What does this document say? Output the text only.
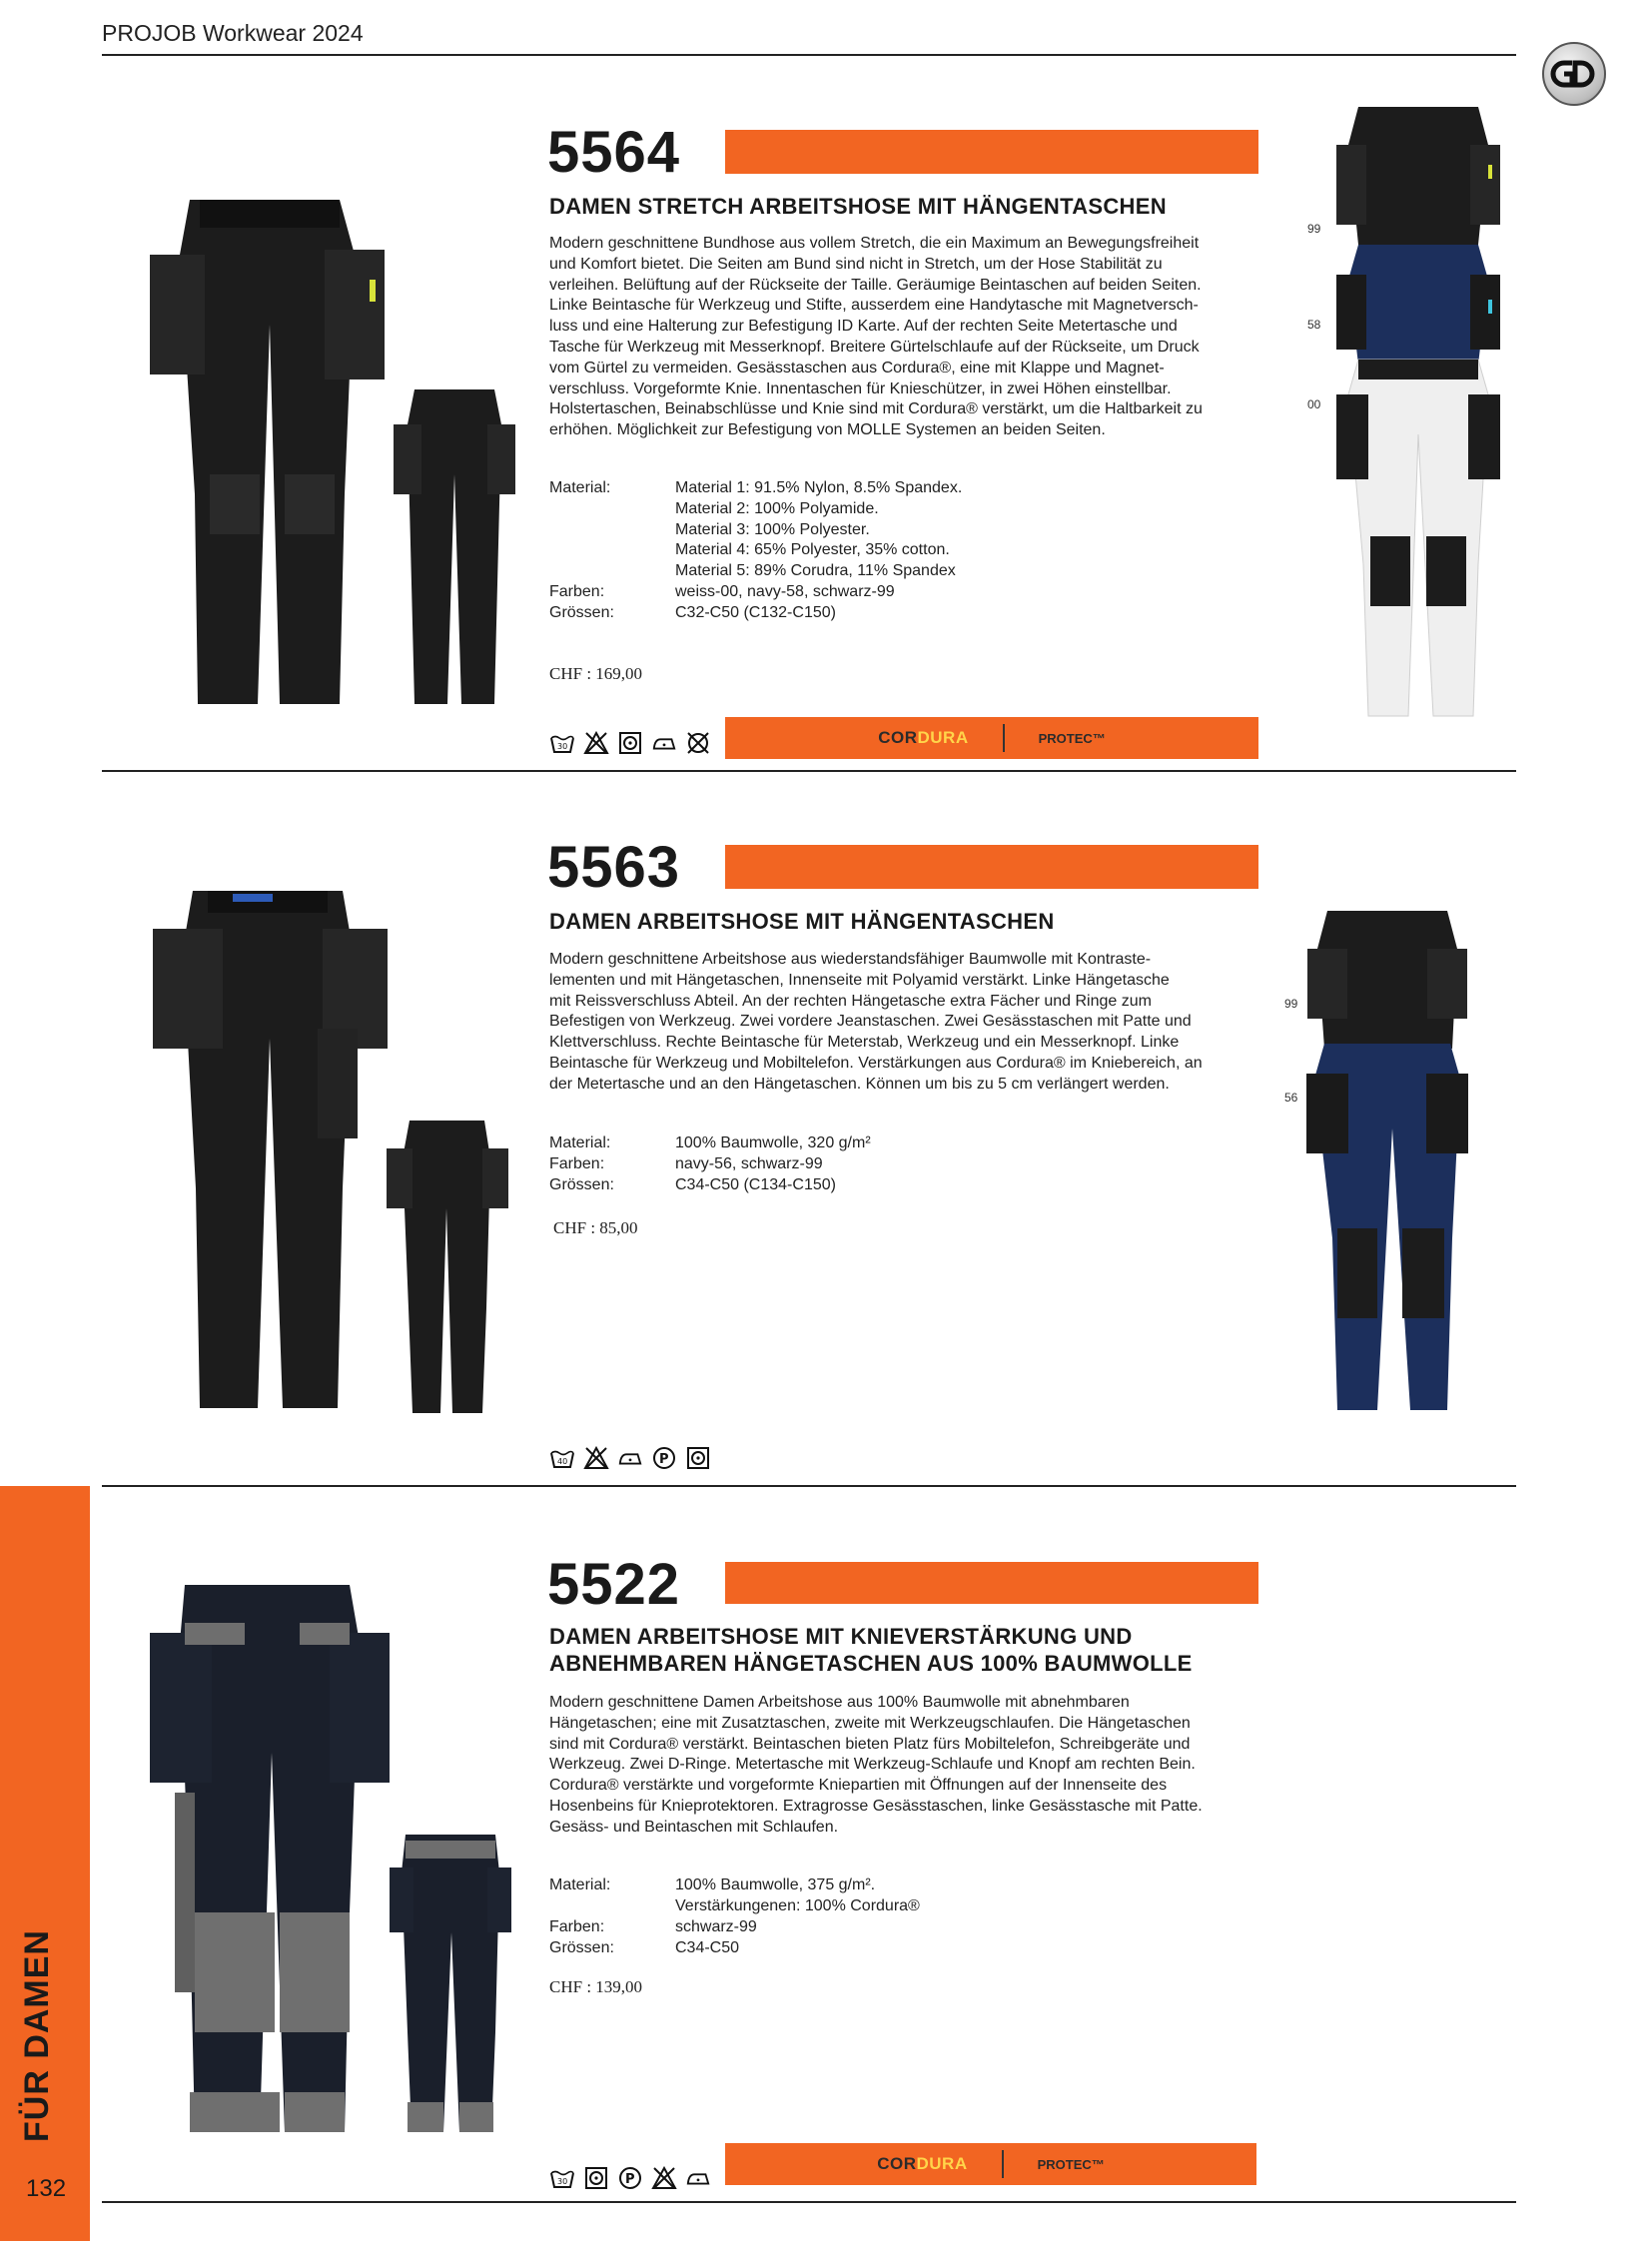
PROJOB Workwear 2024
FÜR DAMEN
132
5564
DAMEN STRETCH ARBEITSHOSE MIT HÄNGENTASCHEN
Modern geschnittene Bundhose aus vollem Stretch, die ein Maximum an Bewegungsfreiheit
und Komfort bietet. Die Seiten am Bund sind nicht in Stretch, um der Hose Stabilität zu
verleihen. Belüftung auf der Rückseite der Taille. Geräumige Beintaschen auf beiden Seiten.
Linke Beintasche für Werkzeug und Stifte, ausserdem eine Handytasche mit Magnetversch-
luss und eine Halterung zur Befestigung ID Karte. Auf der rechten Seite Metertasche und
Tasche für Werkzeug mit Messerknopf. Breitere Gürtelschlaufe auf der Rückseite, um Druck
vom Gürtel zu vermeiden. Gesässtaschen aus Cordura®, eine mit Klappe und Magnet-
verschluss. Vorgeformte Knie. Innentaschen für Knieschützer, in zwei Höhen einstellbar.
Holstertaschen, Beinabschlüsse und Knie sind mit Cordura® verstärkt, um die Haltbarkeit zu
erhöhen. Möglichkeit zur Befestigung von MOLLE Systemen an beiden Seiten.
Material:	Material 1: 91.5% Nylon, 8.5% Spandex.
Material 2: 100% Polyamide.
Material 3: 100% Polyester.
Material 4: 65% Polyester, 35% cotton.
Material 5: 89% Corudra, 11% Spandex
Farben:	weiss-00, navy-58, schwarz-99
Grössen:	C32-C50 (C132-C150)
CHF : 169,00
30	CORDURA	PROTEC™
99
58
00
5563
DAMEN ARBEITSHOSE MIT HÄNGENTASCHEN
Modern geschnittene Arbeitshose aus wiederstandsfähiger Baumwolle mit Kontraste-
lementen und mit Hängetaschen, Innenseite mit Polyamid verstärkt. Linke Hängetasche
mit Reissverschluss Abteil. An der rechten Hängetasche extra Fächer und Ringe zum
Befestigen von Werkzeug. Zwei vordere Jeanstaschen. Zwei Gesässtaschen mit Patte und
Klettverschluss. Rechte Beintasche für Meterstab, Werkzeug und ein Messerknopf. Linke
Beintasche für Werkzeug und Mobiltelefon. Verstärkungen aus Cordura® im Kniebereich, an
der Metertasche und an den Hängetaschen. Können um bis zu 5 cm verlängert werden.
Material:	100% Baumwolle, 320 g/m²
Farben:	navy-56, schwarz-99
Grössen:	C34-C50 (C134-C150)
CHF : 85,00
40	P
99
56
5522
DAMEN ARBEITSHOSE MIT KNIEVERSTÄRKUNG UND
ABNEHMBAREN HÄNGETASCHEN AUS 100% BAUMWOLLE
Modern geschnittene Damen Arbeitshose aus 100% Baumwolle mit abnehmbaren
Hängetaschen; eine mit Zusatztaschen, zweite mit Werkzeugschlaufen. Die Hängetaschen
sind mit Cordura® verstärkt. Beintaschen bieten Platz fürs Mobiltelefon, Schreibgeräte und
Werkzeug. Zwei D-Ringe. Metertasche mit Werkzeug-Schlaufe und Knopf am rechten Bein.
Cordura® verstärkte und vorgeformte Kniepartien mit Öffnungen auf der Innenseite des
Hosenbeins für Knieprotektoren. Extragrosse Gesässtaschen, linke Gesässtasche mit Patte.
Gesäss- und Beintaschen mit Schlaufen.
Material:	100% Baumwolle, 375 g/m².
Verstärkungenen: 100% Cordura®
Farben:	schwarz-99
Grössen:	C34-C50
CHF : 139,00
30	P
CORDURA	PROTEC™
